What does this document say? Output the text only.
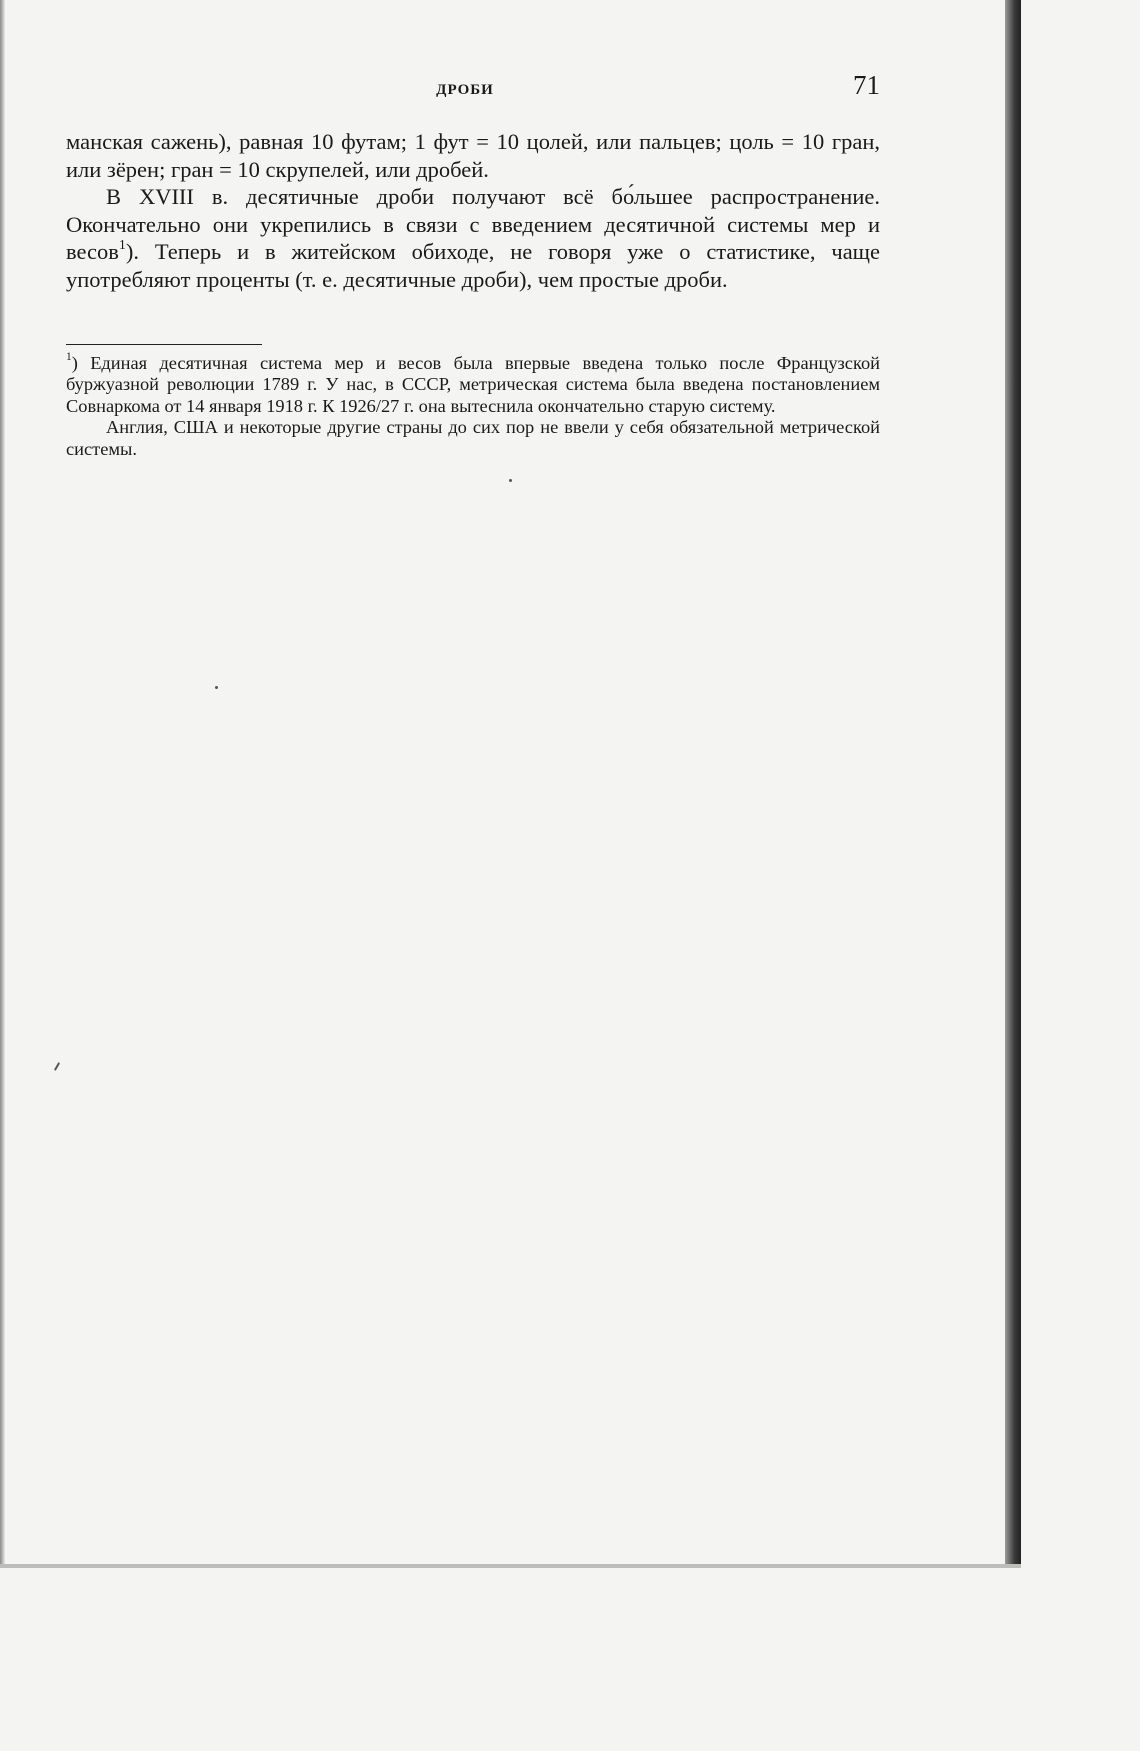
ДРОБИ	71

манская сажень), равная 10 футам; 1 фут = 10 цолей, или пальцев; цоль = 10 гран, или зёрен; гран = 10 скрупелей, или дробей.

В XVIII в. десятичные дроби получают всё бо́льшее распространение. Окончательно они укрепились в связи с введением десятичной системы мер и весов$^1$). Теперь и в житейском обиходе, не говоря уже о статистике, чаще употребляют проценты (т. е. десятичные дроби), чем простые дроби.

$^1$) Единая десятичная система мер и весов была впервые введена только после Французской буржуазной революции 1789 г. У нас, в СССР, метрическая система была введена постановлением Совнаркома от 14 января 1918 г. К 1926/27 г. она вытеснила окончательно старую систему.

Англия, США и некоторые другие страны до сих пор не ввели у себя обязательной метрической системы.
